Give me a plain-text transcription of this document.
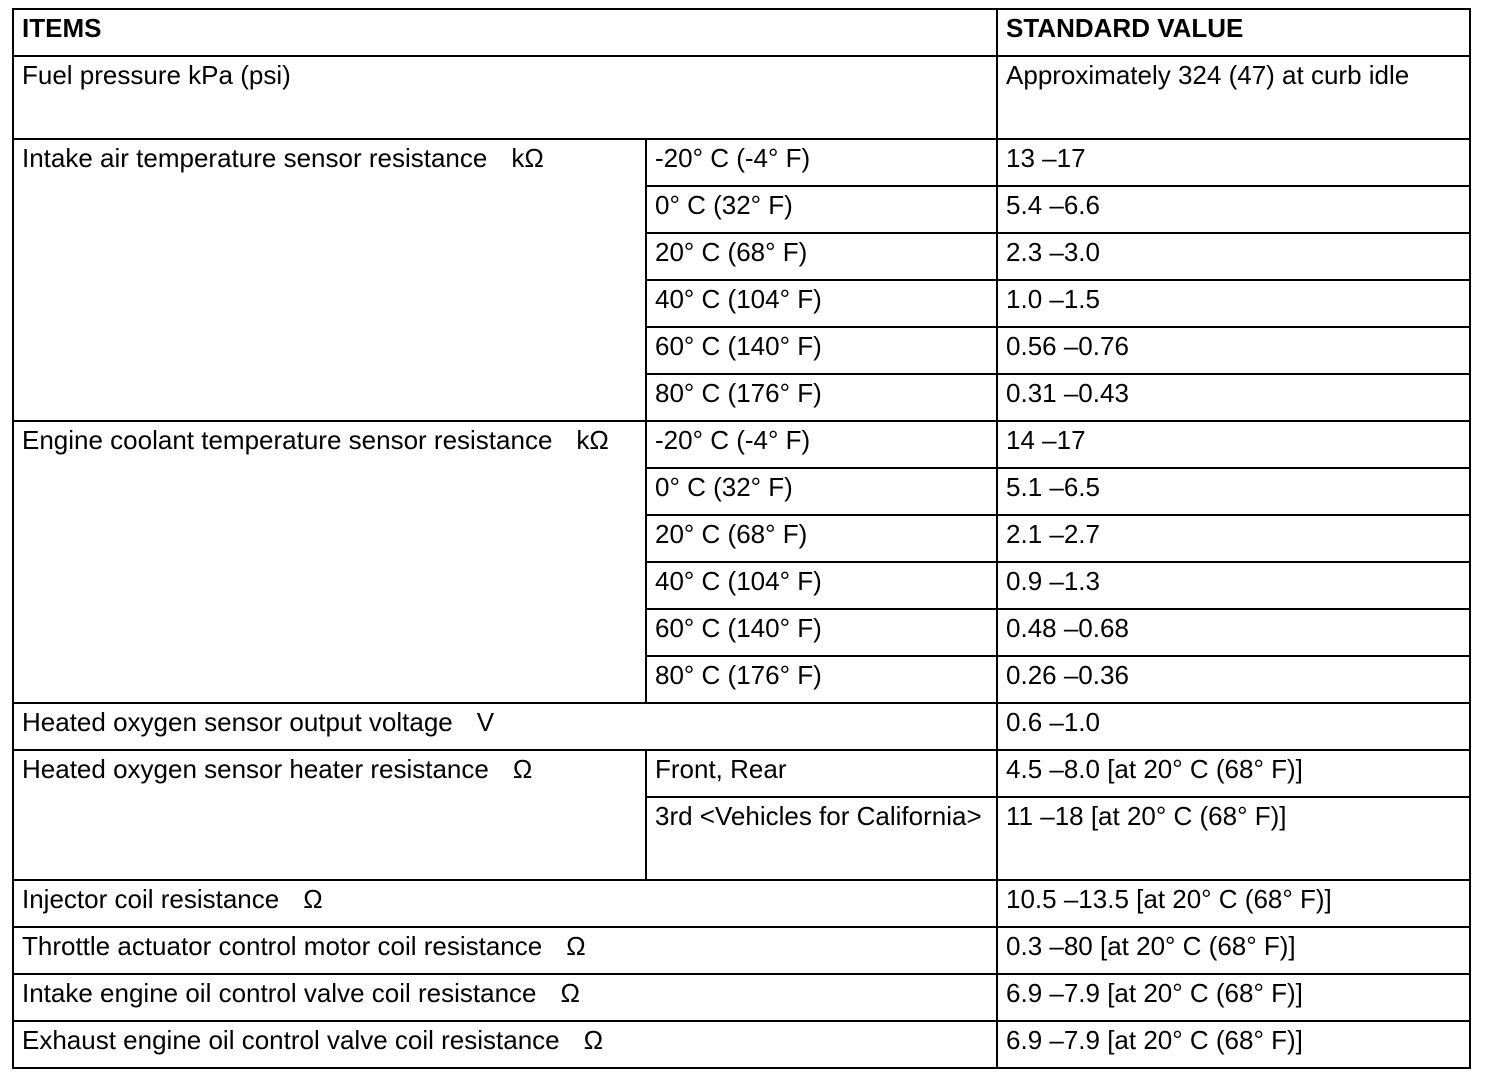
ITEMS		STANDARD VALUE
Fuel pressure kPa (psi)		Approximately 324 (47) at curb idle
Intake air temperature sensor resistance kΩ	-20° C (-4° F)	13 –17
	0° C (32° F)	5.4 –6.6
	20° C (68° F)	2.3 –3.0
	40° C (104° F)	1.0 –1.5
	60° C (140° F)	0.56 –0.76
	80° C (176° F)	0.31 –0.43
Engine coolant temperature sensor resistance kΩ	-20° C (-4° F)	14 –17
	0° C (32° F)	5.1 –6.5
	20° C (68° F)	2.1 –2.7
	40° C (104° F)	0.9 –1.3
	60° C (140° F)	0.48 –0.68
	80° C (176° F)	0.26 –0.36
Heated oxygen sensor output voltage V		0.6 –1.0
Heated oxygen sensor heater resistance Ω	Front, Rear	4.5 –8.0 [at 20° C (68° F)]
	3rd <Vehicles for California>	11 –18 [at 20° C (68° F)]
Injector coil resistance Ω		10.5 –13.5 [at 20° C (68° F)]
Throttle actuator control motor coil resistance Ω		0.3 –80 [at 20° C (68° F)]
Intake engine oil control valve coil resistance Ω		6.9 –7.9 [at 20° C (68° F)]
Exhaust engine oil control valve coil resistance Ω		6.9 –7.9 [at 20° C (68° F)]
